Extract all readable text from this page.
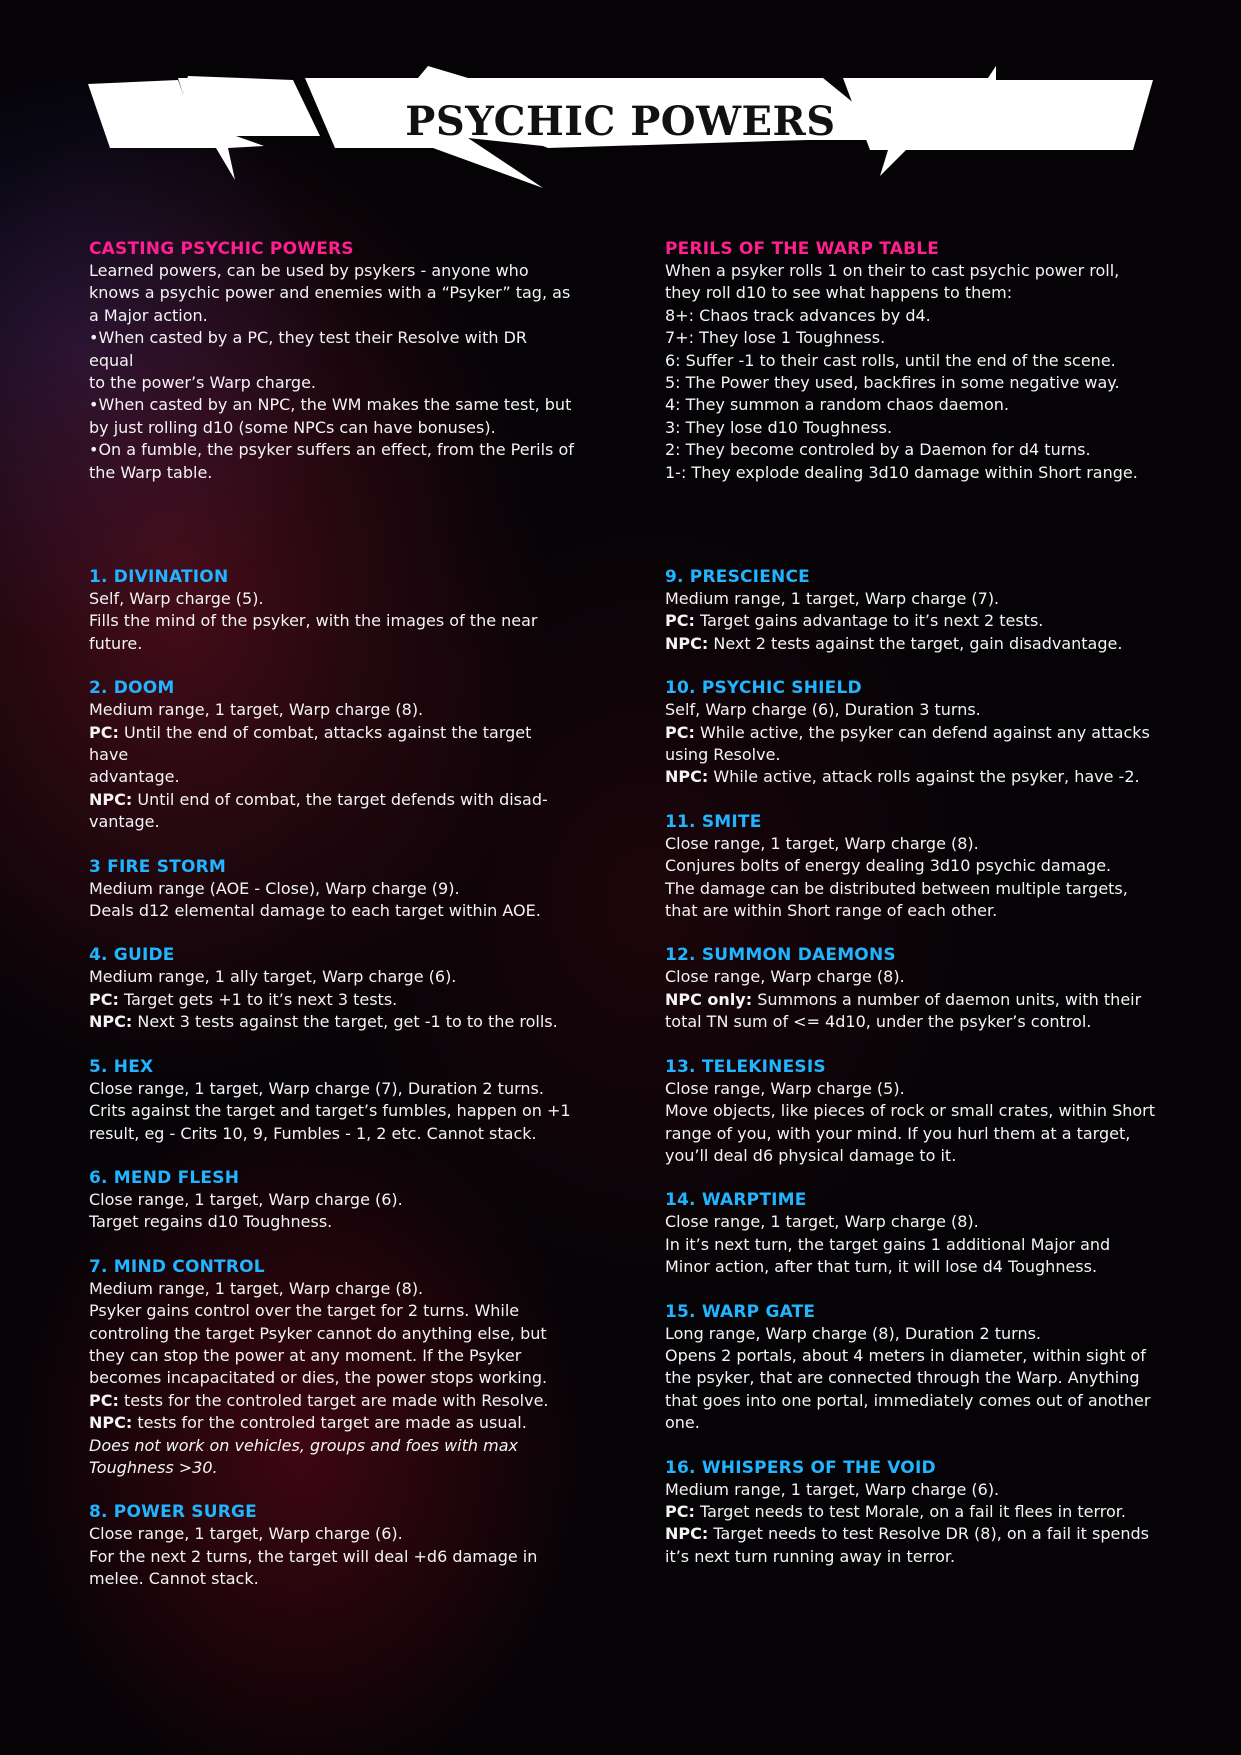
PSYCHIC POWERS
CASTING PSYCHIC POWERS

Learned powers, can be used by psykers - anyone who

knows a psychic power and enemies with a “Psyker” tag, as

a Major action.

•When casted by a PC, they test their Resolve with DR equal

to the power’s Warp charge.

•When casted by an NPC, the WM makes the same test, but

by just rolling d10 (some NPCs can have bonuses).

•On a fumble, the psyker suffers an effect, from the Perils of

the Warp table.

PERILS OF THE WARP TABLE

When a psyker rolls 1 on their to cast psychic power roll,

they roll d10 to see what happens to them:

8+: Chaos track advances by d4.

7+: They lose 1 Toughness.

6: Suffer -1 to their cast rolls, until the end of the scene.

5: The Power they used, backfires in some negative way.

4: They summon a random chaos daemon.

3: They lose d10 Toughness.

2: They become controled by a Daemon for d4 turns.

1-: They explode dealing 3d10 damage within Short range.

1. DIVINATION

Self, Warp charge (5).

Fills the mind of the psyker, with the images of the near

future.

2. DOOM

Medium range, 1 target, Warp charge (8).

PC: Until the end of combat, attacks against the target have

advantage.

NPC: Until end of combat, the target defends with disad-

vantage.

3 FIRE STORM

Medium range (AOE - Close), Warp charge (9).

Deals d12 elemental damage to each target within AOE.

4. GUIDE

Medium range, 1 ally target, Warp charge (6).

PC: Target gets +1 to it’s next 3 tests.

NPC: Next 3 tests against the target, get -1 to to the rolls.

5. HEX

Close range, 1 target, Warp charge (7), Duration 2 turns.

Crits against the target and target’s fumbles, happen on +1

result, eg - Crits 10, 9, Fumbles - 1, 2 etc. Cannot stack.

6. MEND FLESH

Close range, 1 target, Warp charge (6).

Target regains d10 Toughness.

7. MIND CONTROL

Medium range, 1 target, Warp charge (8).

Psyker gains control over the target for 2 turns. While

controling the target Psyker cannot do anything else, but

they can stop the power at any moment. If the Psyker

becomes incapacitated or dies, the power stops working.

PC: tests for the controled target are made with Resolve.

NPC: tests for the controled target are made as usual.

Does not work on vehicles, groups and foes with max

Toughness >30.

8. POWER SURGE

Close range, 1 target, Warp charge (6).

For the next 2 turns, the target will deal +d6 damage in

melee. Cannot stack.

9. PRESCIENCE

Medium range, 1 target, Warp charge (7).

PC: Target gains advantage to it’s next 2 tests.

NPC: Next 2 tests against the target, gain disadvantage.

10. PSYCHIC SHIELD

Self, Warp charge (6), Duration 3 turns.

PC: While active, the psyker can defend against any attacks

using Resolve.

NPC: While active, attack rolls against the psyker, have -2.

11. SMITE

Close range, 1 target, Warp charge (8).

Conjures bolts of energy dealing 3d10 psychic damage.

The damage can be distributed between multiple targets,

that are within Short range of each other.

12. SUMMON DAEMONS

Close range, Warp charge (8).

NPC only: Summons a number of daemon units, with their

total TN sum of <= 4d10, under the psyker’s control.

13. TELEKINESIS

Close range, Warp charge (5).

Move objects, like pieces of rock or small crates, within Short

range of you, with your mind. If you hurl them at a target,

you’ll deal d6 physical damage to it.

14. WARPTIME

Close range, 1 target, Warp charge (8).

In it’s next turn, the target gains 1 additional Major and

Minor action, after that turn, it will lose d4 Toughness.

15. WARP GATE

Long range, Warp charge (8), Duration 2 turns.

Opens 2 portals, about 4 meters in diameter, within sight of

the psyker, that are connected through the Warp. Anything

that goes into one portal, immediately comes out of another

one.

16. WHISPERS OF THE VOID

Medium range, 1 target, Warp charge (6).

PC: Target needs to test Morale, on a fail it flees in terror.

NPC: Target needs to test Resolve DR (8), on a fail it spends

it’s next turn running away in terror.
